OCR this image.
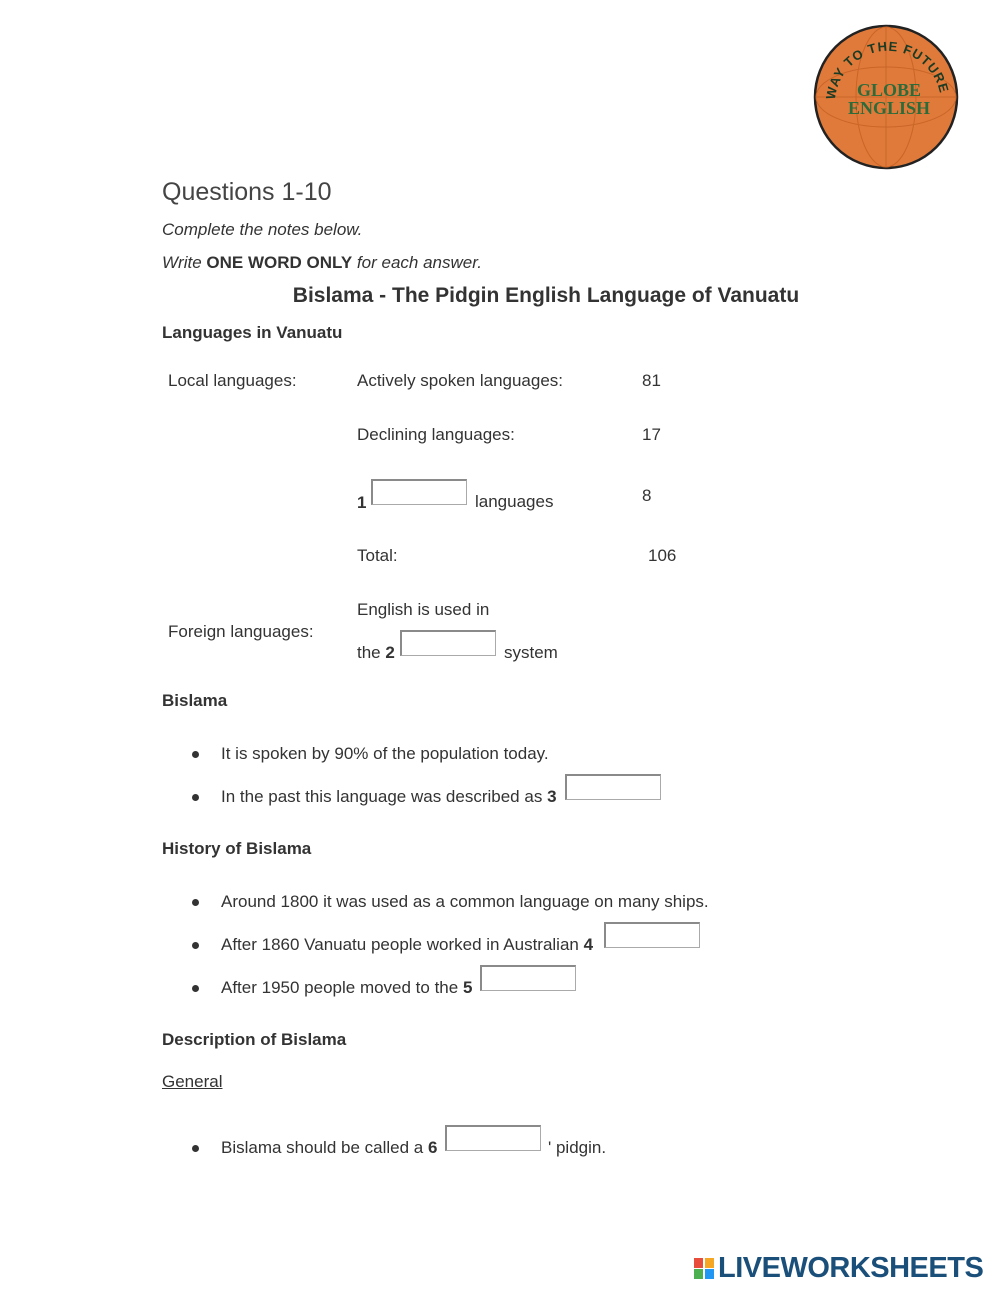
WAY TO THE FUTURE
GLOBE
ENGLISH
Questions 1-10
Complete the notes below.
Write ONE WORD ONLY for each answer.
Bislama - The Pidgin English Language of Vanuatu
Languages in Vanuatu
Local languages:	Actively spoken languages:	81
Declining languages:	17
1	languages	8
Total:	106
English is used in
Foreign languages:
the 2	system
Bislama
It is spoken by 90% of the population today.
In the past this language was described as 3
History of Bislama
Around 1800 it was used as a common language on many ships.
After 1860 Vanuatu people worked in Australian 4
After 1950 people moved to the 5
Description of Bislama
General
Bislama should be called a 6	' pidgin.
LIVEWORKSHEETS
